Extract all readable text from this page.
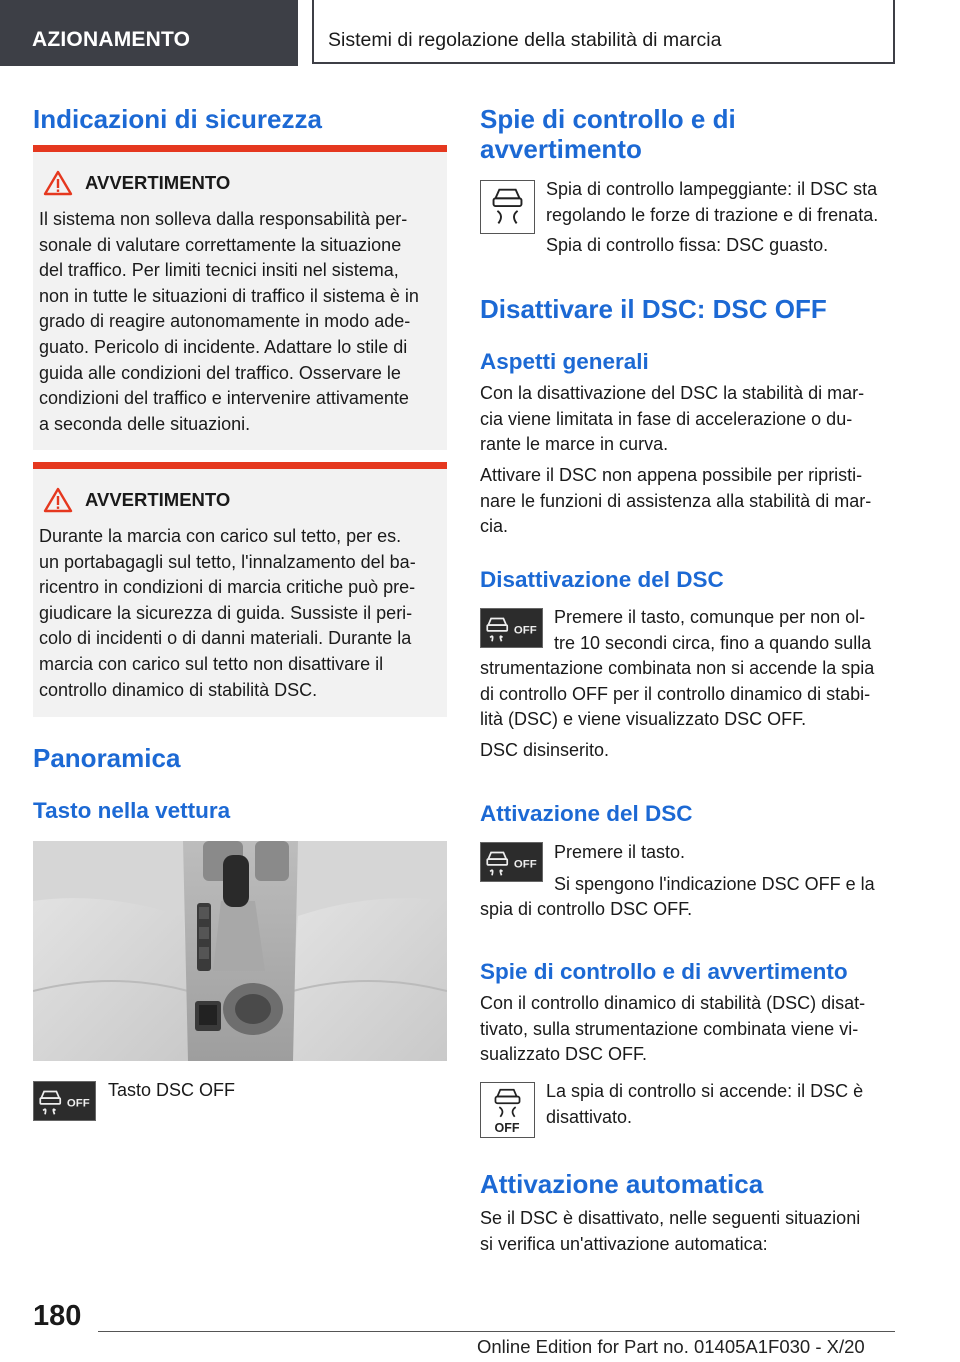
AZIONAMENTO	Sistemi di regolazione della stabilità di marcia
Indicazioni di sicurezza
AVVERTIMENTO

Il sistema non solleva dalla responsabilità per-
sonale di valutare correttamente la situazione
del traffico. Per limiti tecnici insiti nel sistema,
non in tutte le situazioni di traffico il sistema è in
grado di reagire autonomamente in modo ade-
guato. Pericolo di incidente. Adattare lo stile di
guida alle condizioni del traffico. Osservare le
condizioni del traffico e intervenire attivamente
a seconda delle situazioni.

AVVERTIMENTO

Durante la marcia con carico sul tetto, per es.
un portabagagli sul tetto, l'innalzamento del ba-
ricentro in condizioni di marcia critiche può pre-
giudicare la sicurezza di guida. Sussiste il peri-
colo di incidenti o di danni materiali. Durante la
marcia con carico sul tetto non disattivare il
controllo dinamico di stabilità DSC.

Panoramica
Tasto nella vettura
OFF

Tasto DSC OFF

Spie di controllo e di
avvertimento

Spia di controllo lampeggiante: il DSC sta
regolando le forze di trazione e di frenata.

Spia di controllo fissa: DSC guasto.

Disattivare il DSC: DSC OFF
Aspetti generali

Con la disattivazione del DSC la stabilità di mar-
cia viene limitata in fase di accelerazione o du-
rante le marce in curva.

Attivare il DSC non appena possibile per ripristi-
nare le funzioni di assistenza alla stabilità di mar-
cia.

Disattivazione del DSC
OFF

Premere il tasto, comunque per non ol-
tre 10 secondi circa, fino a quando sulla

strumentazione combinata non si accende la spia
di controllo OFF per il controllo dinamico di stabi-
lità (DSC) e viene visualizzato DSC OFF.

DSC disinserito.

Attivazione del DSC
OFF

Premere il tasto.

Si spengono l'indicazione DSC OFF e la

spia di controllo DSC OFF.

Spie di controllo e di avvertimento

Con il controllo dinamico di stabilità (DSC) disat-
tivato, sulla strumentazione combinata viene vi-
sualizzato DSC OFF.

OFF

La spia di controllo si accende: il DSC è
disattivato.

Attivazione automatica

Se il DSC è disattivato, nelle seguenti situazioni
si verifica un'attivazione automatica:

180
Online Edition for Part no. 01405A1F030 - X/20
